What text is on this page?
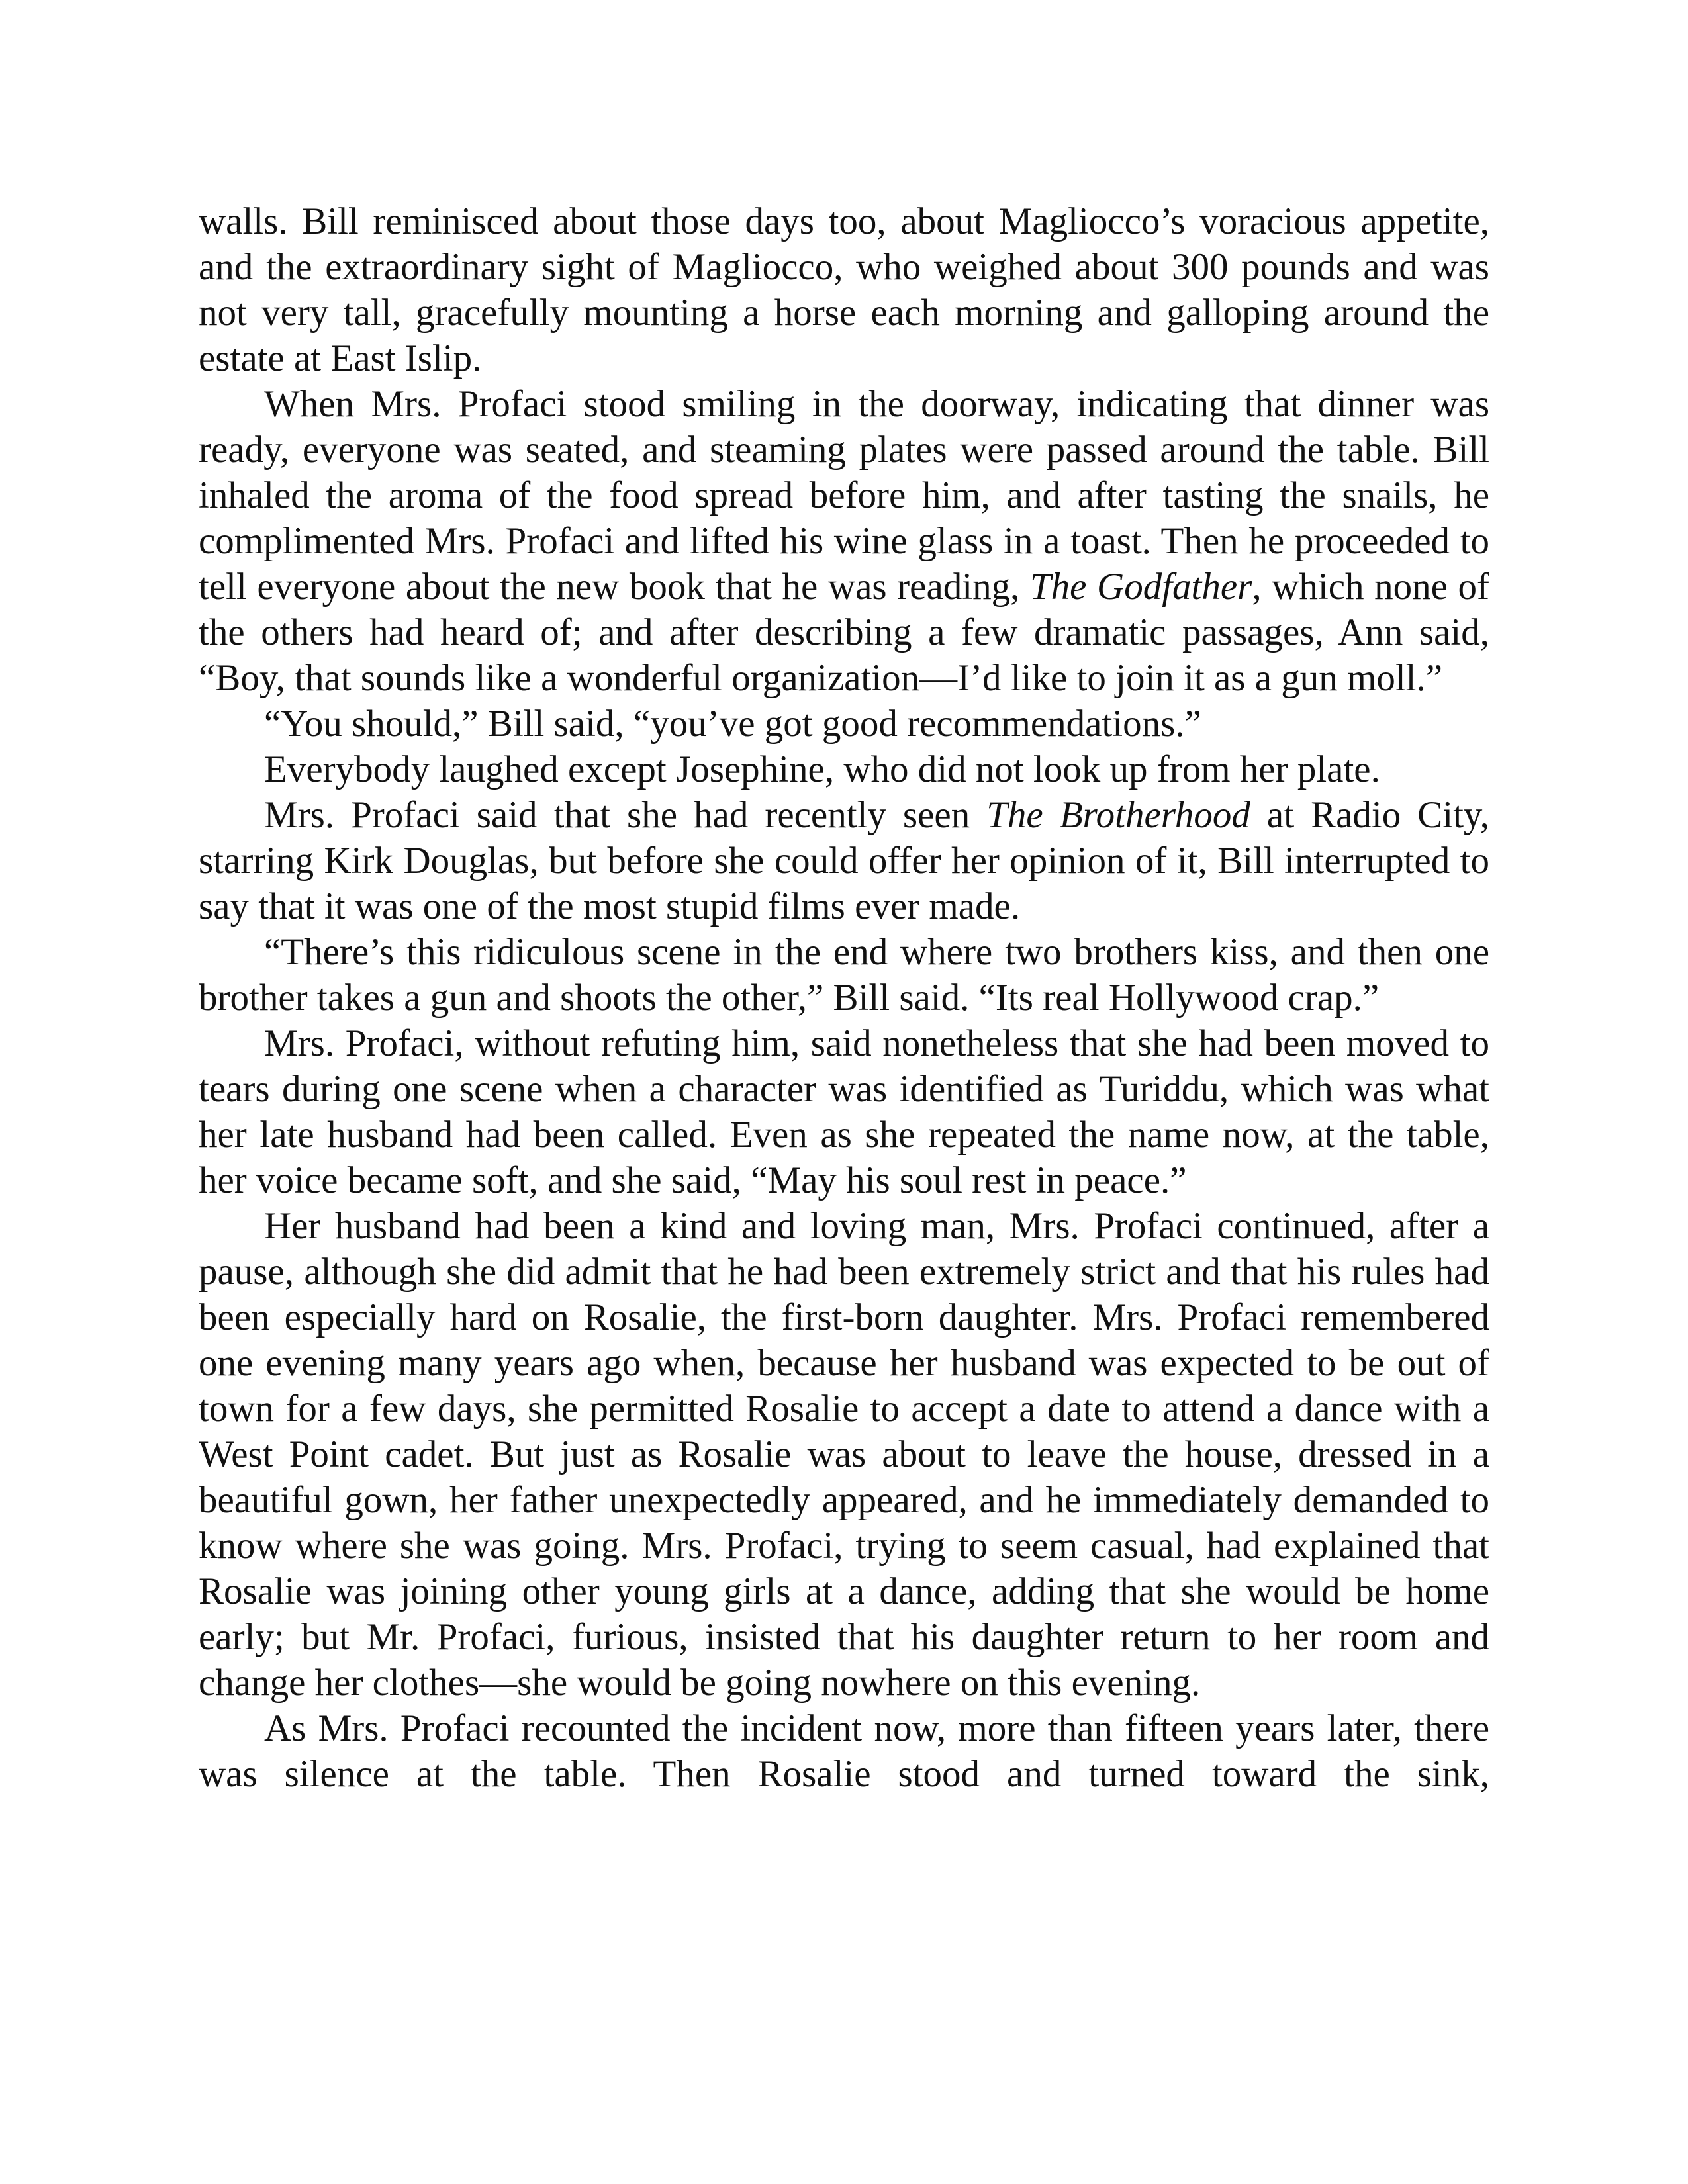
walls. Bill reminisced about those days too, about Magliocco’s voracious appetite, and the extraordinary sight of Magliocco, who weighed about 300 pounds and was not very tall, gracefully mounting a horse each morning and galloping around the estate at East Islip.

When Mrs. Profaci stood smiling in the doorway, indicating that dinner was ready, everyone was seated, and steaming plates were passed around the table. Bill inhaled the aroma of the food spread before him, and after tasting the snails, he complimented Mrs. Profaci and lifted his wine glass in a toast. Then he proceeded to tell everyone about the new book that he was reading, The Godfather, which none of the others had heard of; and after describing a few dramatic passages, Ann said, “Boy, that sounds like a wonderful organization—I’d like to join it as a gun moll.”

“You should,” Bill said, “you’ve got good recommendations.”

Everybody laughed except Josephine, who did not look up from her plate.

Mrs. Profaci said that she had recently seen The Brotherhood at Radio City, starring Kirk Douglas, but before she could offer her opinion of it, Bill interrupted to say that it was one of the most stupid films ever made.

“There’s this ridiculous scene in the end where two brothers kiss, and then one brother takes a gun and shoots the other,” Bill said. “Its real Hollywood crap.”

Mrs. Profaci, without refuting him, said nonetheless that she had been moved to tears during one scene when a character was identified as Turiddu, which was what her late husband had been called. Even as she repeated the name now, at the table, her voice became soft, and she said, “May his soul rest in peace.”

Her husband had been a kind and loving man, Mrs. Profaci continued, after a pause, although she did admit that he had been extremely strict and that his rules had been especially hard on Rosalie, the first-born daughter. Mrs. Profaci remembered one evening many years ago when, because her husband was expected to be out of town for a few days, she permitted Rosalie to accept a date to attend a dance with a West Point cadet. But just as Rosalie was about to leave the house, dressed in a beautiful gown, her father unexpectedly appeared, and he immediately demanded to know where she was going. Mrs. Profaci, trying to seem casual, had explained that Rosalie was joining other young girls at a dance, adding that she would be home early; but Mr. Profaci, furious, insisted that his daughter return to her room and change her clothes—she would be going nowhere on this evening.

As Mrs. Profaci recounted the incident now, more than fifteen years later, there was silence at the table. Then Rosalie stood and turned toward the sink,
